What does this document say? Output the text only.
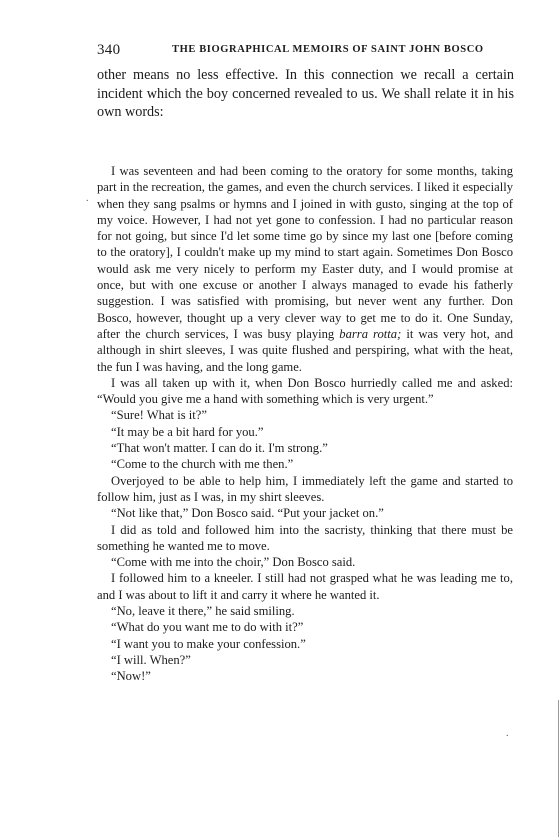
340	THE BIOGRAPHICAL MEMOIRS OF SAINT JOHN BOSCO

other means no less effective. In this connection we recall a certain incident which the boy concerned revealed to us. We shall relate it in his own words:

I was seventeen and had been coming to the oratory for some months, taking part in the recreation, the games, and even the church services. I liked it especially when they sang psalms or hymns and I joined in with gusto, singing at the top of my voice. However, I had not yet gone to confession. I had no particular reason for not going, but since I'd let some time go by since my last one [before coming to the oratory], I couldn't make up my mind to start again. Sometimes Don Bosco would ask me very nicely to perform my Easter duty, and I would promise at once, but with one excuse or another I always managed to evade his fatherly suggestion. I was satisfied with promising, but never went any further. Don Bosco, however, thought up a very clever way to get me to do it. One Sunday, after the church services, I was busy playing barra rotta; it was very hot, and although in shirt sleeves, I was quite flushed and perspiring, what with the heat, the fun I was having, and the long game.

I was all taken up with it, when Don Bosco hurriedly called me and asked: “Would you give me a hand with something which is very urgent.”

“Sure! What is it?”

“It may be a bit hard for you.”

“That won't matter. I can do it. I'm strong.”

“Come to the church with me then.”

Overjoyed to be able to help him, I immediately left the game and started to follow him, just as I was, in my shirt sleeves.

“Not like that,” Don Bosco said. “Put your jacket on.”

I did as told and followed him into the sacristy, thinking that there must be something he wanted me to move.

“Come with me into the choir,” Don Bosco said.

I followed him to a kneeler. I still had not grasped what he was leading me to, and I was about to lift it and carry it where he wanted it.

“No, leave it there,” he said smiling.

“What do you want me to do with it?”

“I want you to make your confession.”

“I will. When?”

“Now!”

.
.
